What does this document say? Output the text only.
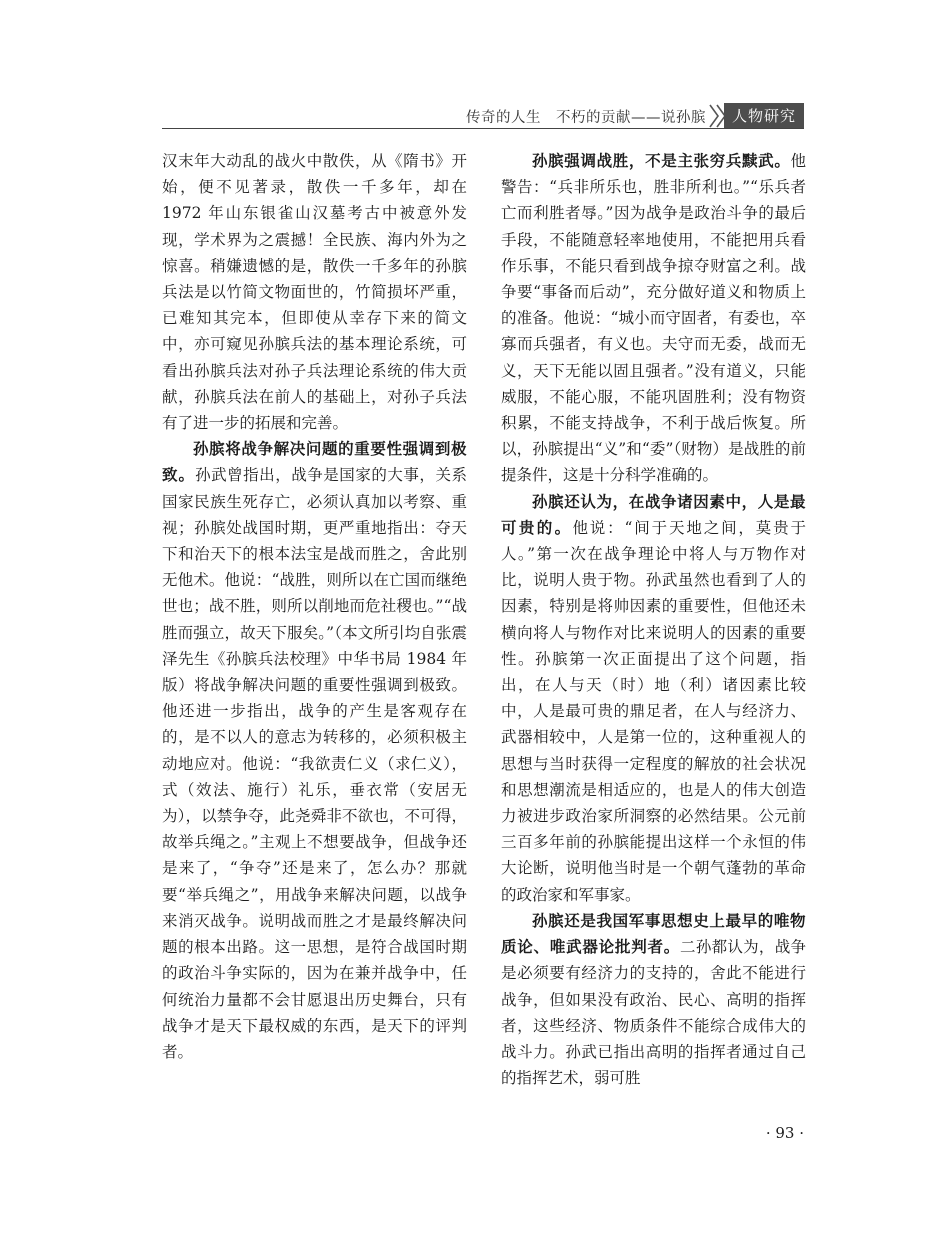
传奇的人生　不朽的贡献——说孙膑	人物研究

汉末年大动乱的战火中散佚，从《隋书》开始，便不见著录，散佚一千多年，却在 1972 年山东银雀山汉墓考古中被意外发现，学术界为之震撼！全民族、海内外为之惊喜。稍嫌遗憾的是，散佚一千多年的孙膑兵法是以竹简文物面世的，竹简损坏严重，已难知其完本，但即使从幸存下来的简文中，亦可窥见孙膑兵法的基本理论系统，可看出孙膑兵法对孙子兵法理论系统的伟大贡献，孙膑兵法在前人的基础上，对孙子兵法有了进一步的拓展和完善。

孙膑将战争解决问题的重要性强调到极致。孙武曾指出，战争是国家的大事，关系国家民族生死存亡，必须认真加以考察、重视；孙膑处战国时期，更严重地指出：夺天下和治天下的根本法宝是战而胜之，舍此别无他术。他说：“战胜，则所以在亡国而继绝世也；战不胜，则所以削地而危社稷也。”“战胜而强立，故天下服矣。”（本文所引均自张震泽先生《孙膑兵法校理》中华书局 1984 年版）将战争解决问题的重要性强调到极致。他还进一步指出，战争的产生是客观存在的，是不以人的意志为转移的，必须积极主动地应对。他说：“我欲责仁义（求仁义），式（效法、施行）礼乐，垂衣常（安居无为），以禁争夺，此尧舜非不欲也，不可得，故举兵绳之。”主观上不想要战争，但战争还是来了，“争夺”还是来了，怎么办？那就要“举兵绳之”，用战争来解决问题，以战争来消灭战争。说明战而胜之才是最终解决问题的根本出路。这一思想，是符合战国时期的政治斗争实际的，因为在兼并战争中，任何统治力量都不会甘愿退出历史舞台，只有战争才是天下最权威的东西，是天下的评判者。

孙膑强调战胜，不是主张穷兵黩武。他警告：“兵非所乐也，胜非所利也。”“乐兵者亡而利胜者辱。”因为战争是政治斗争的最后手段，不能随意轻率地使用，不能把用兵看作乐事，不能只看到战争掠夺财富之利。战争要“事备而后动”，充分做好道义和物质上的准备。他说：“城小而守固者，有委也，卒寡而兵强者，有义也。夫守而无委，战而无义，天下无能以固且强者。”没有道义，只能威服，不能心服，不能巩固胜利；没有物资积累，不能支持战争，不利于战后恢复。所以，孙膑提出“义”和“委”（财物）是战胜的前提条件，这是十分科学准确的。

孙膑还认为，在战争诸因素中，人是最可贵的。他说：“间于天地之间，莫贵于人。”第一次在战争理论中将人与万物作对比，说明人贵于物。孙武虽然也看到了人的因素，特别是将帅因素的重要性，但他还未横向将人与物作对比来说明人的因素的重要性。孙膑第一次正面提出了这个问题，指出，在人与天（时）地（利）诸因素比较中，人是最可贵的鼎足者，在人与经济力、武器相较中，人是第一位的，这种重视人的思想与当时获得一定程度的解放的社会状况和思想潮流是相适应的，也是人的伟大创造力被进步政治家所洞察的必然结果。公元前三百多年前的孙膑能提出这样一个永恒的伟大论断，说明他当时是一个朝气蓬勃的革命的政治家和军事家。

孙膑还是我国军事思想史上最早的唯物质论、唯武器论批判者。二孙都认为，战争是必须要有经济力的支持的，舍此不能进行战争，但如果没有政治、民心、高明的指挥者，这些经济、物质条件不能综合成伟大的战斗力。孙武已指出高明的指挥者通过自己的指挥艺术，弱可胜

· 93 ·
